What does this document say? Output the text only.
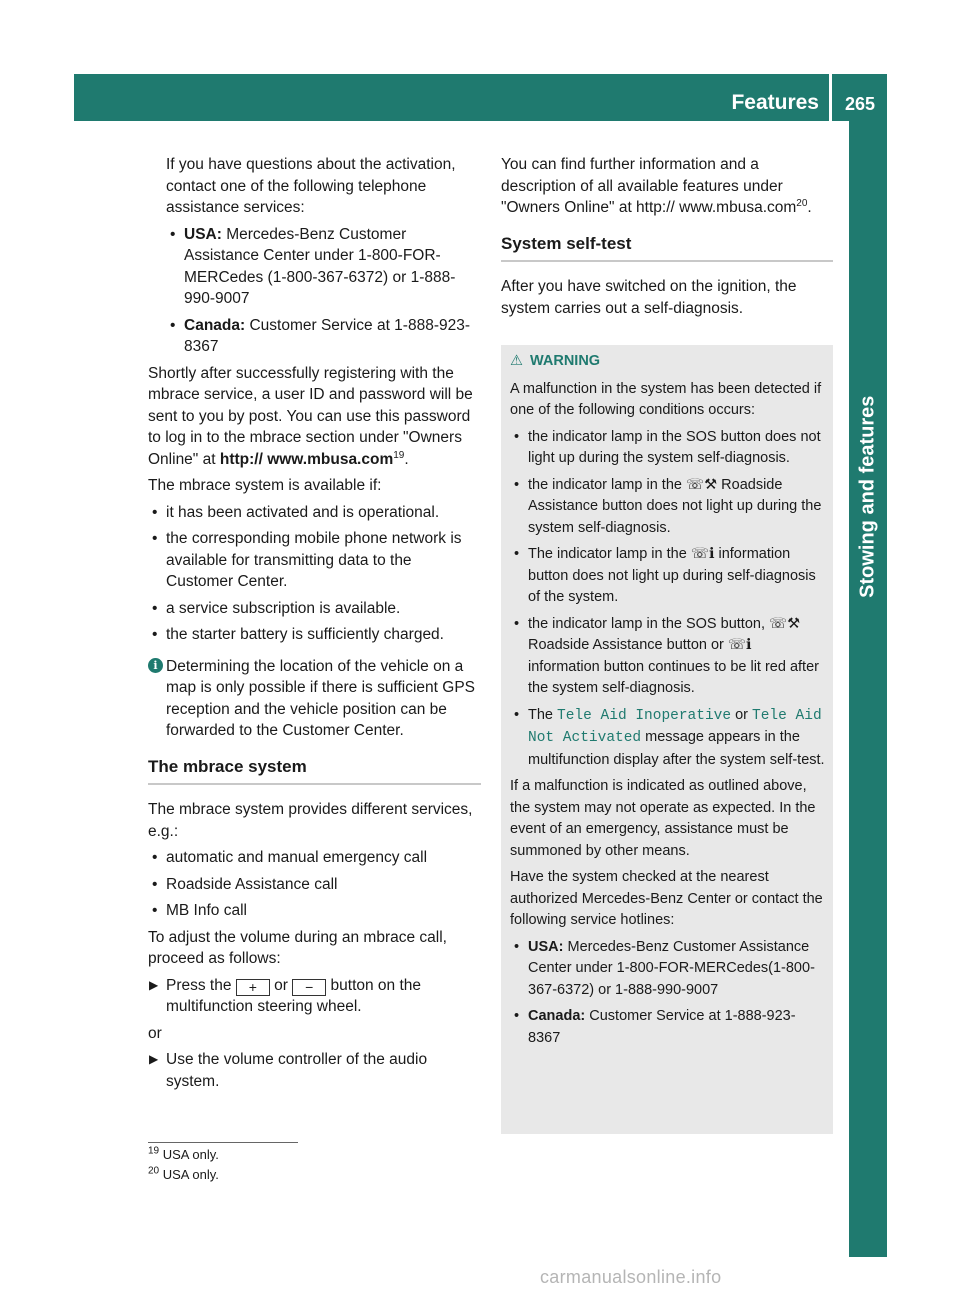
Features	265
Stowing and features

If you have questions about the activation, contact one of the following telephone assistance services:

• USA: Mercedes-Benz Customer Assistance Center under 1-800-FOR-MERCedes (1-800-367-6372) or 1-888-990-9007
• Canada: Customer Service at 1-888-923-8367

Shortly after successfully registering with the mbrace service, a user ID and password will be sent to you by post. You can use this password to log in to the mbrace section under "Owners Online" at http:// www.mbusa.com$^{19}$.

The mbrace system is available if:

• it has been activated and is operational.
• the corresponding mobile phone network is available for transmitting data to the Customer Center.
• a service subscription is available.
• the starter battery is sufficiently charged.
i Determining the location of the vehicle on a map is only possible if there is sufficient GPS reception and the vehicle position can be forwarded to the Customer Center.
The mbrace system

The mbrace system provides different services, e.g.:

• automatic and manual emergency call
• Roadside Assistance call
• MB Info call

To adjust the volume during an mbrace call, proceed as follows:

▶ Press the + or − button on the multifunction steering wheel.

or

▶ Use the volume controller of the audio system.

You can find further information and a description of all available features under "Owners Online" at http:// www.mbusa.com$^{20}$.

System self-test

After you have switched on the ignition, the system carries out a self-diagnosis.

⚠ WARNING

A malfunction in the system has been detected if one of the following conditions occurs:

• the indicator lamp in the SOS button does not light up during the system self-diagnosis.
• the indicator lamp in the ☏⚒ Roadside Assistance button does not light up during the system self-diagnosis.
• The indicator lamp in the ☏ℹ information button does not light up during self-diagnosis of the system.
• the indicator lamp in the SOS button, ☏⚒ Roadside Assistance button or ☏ℹ information button continues to be lit red after the system self-diagnosis.
• The Tele Aid Inoperative or Tele Aid Not Activated message appears in the multifunction display after the system self-test.

If a malfunction is indicated as outlined above, the system may not operate as expected. In the event of an emergency, assistance must be summoned by other means.

Have the system checked at the nearest authorized Mercedes-Benz Center or contact the following service hotlines:

• USA: Mercedes-Benz Customer Assistance Center under 1-800-FOR-MERCedes(1-800-367-6372) or 1-888-990-9007
• Canada: Customer Service at 1-888-923-8367
$^{19}$ USA only.
$^{20}$ USA only.
carmanualsonline.info
